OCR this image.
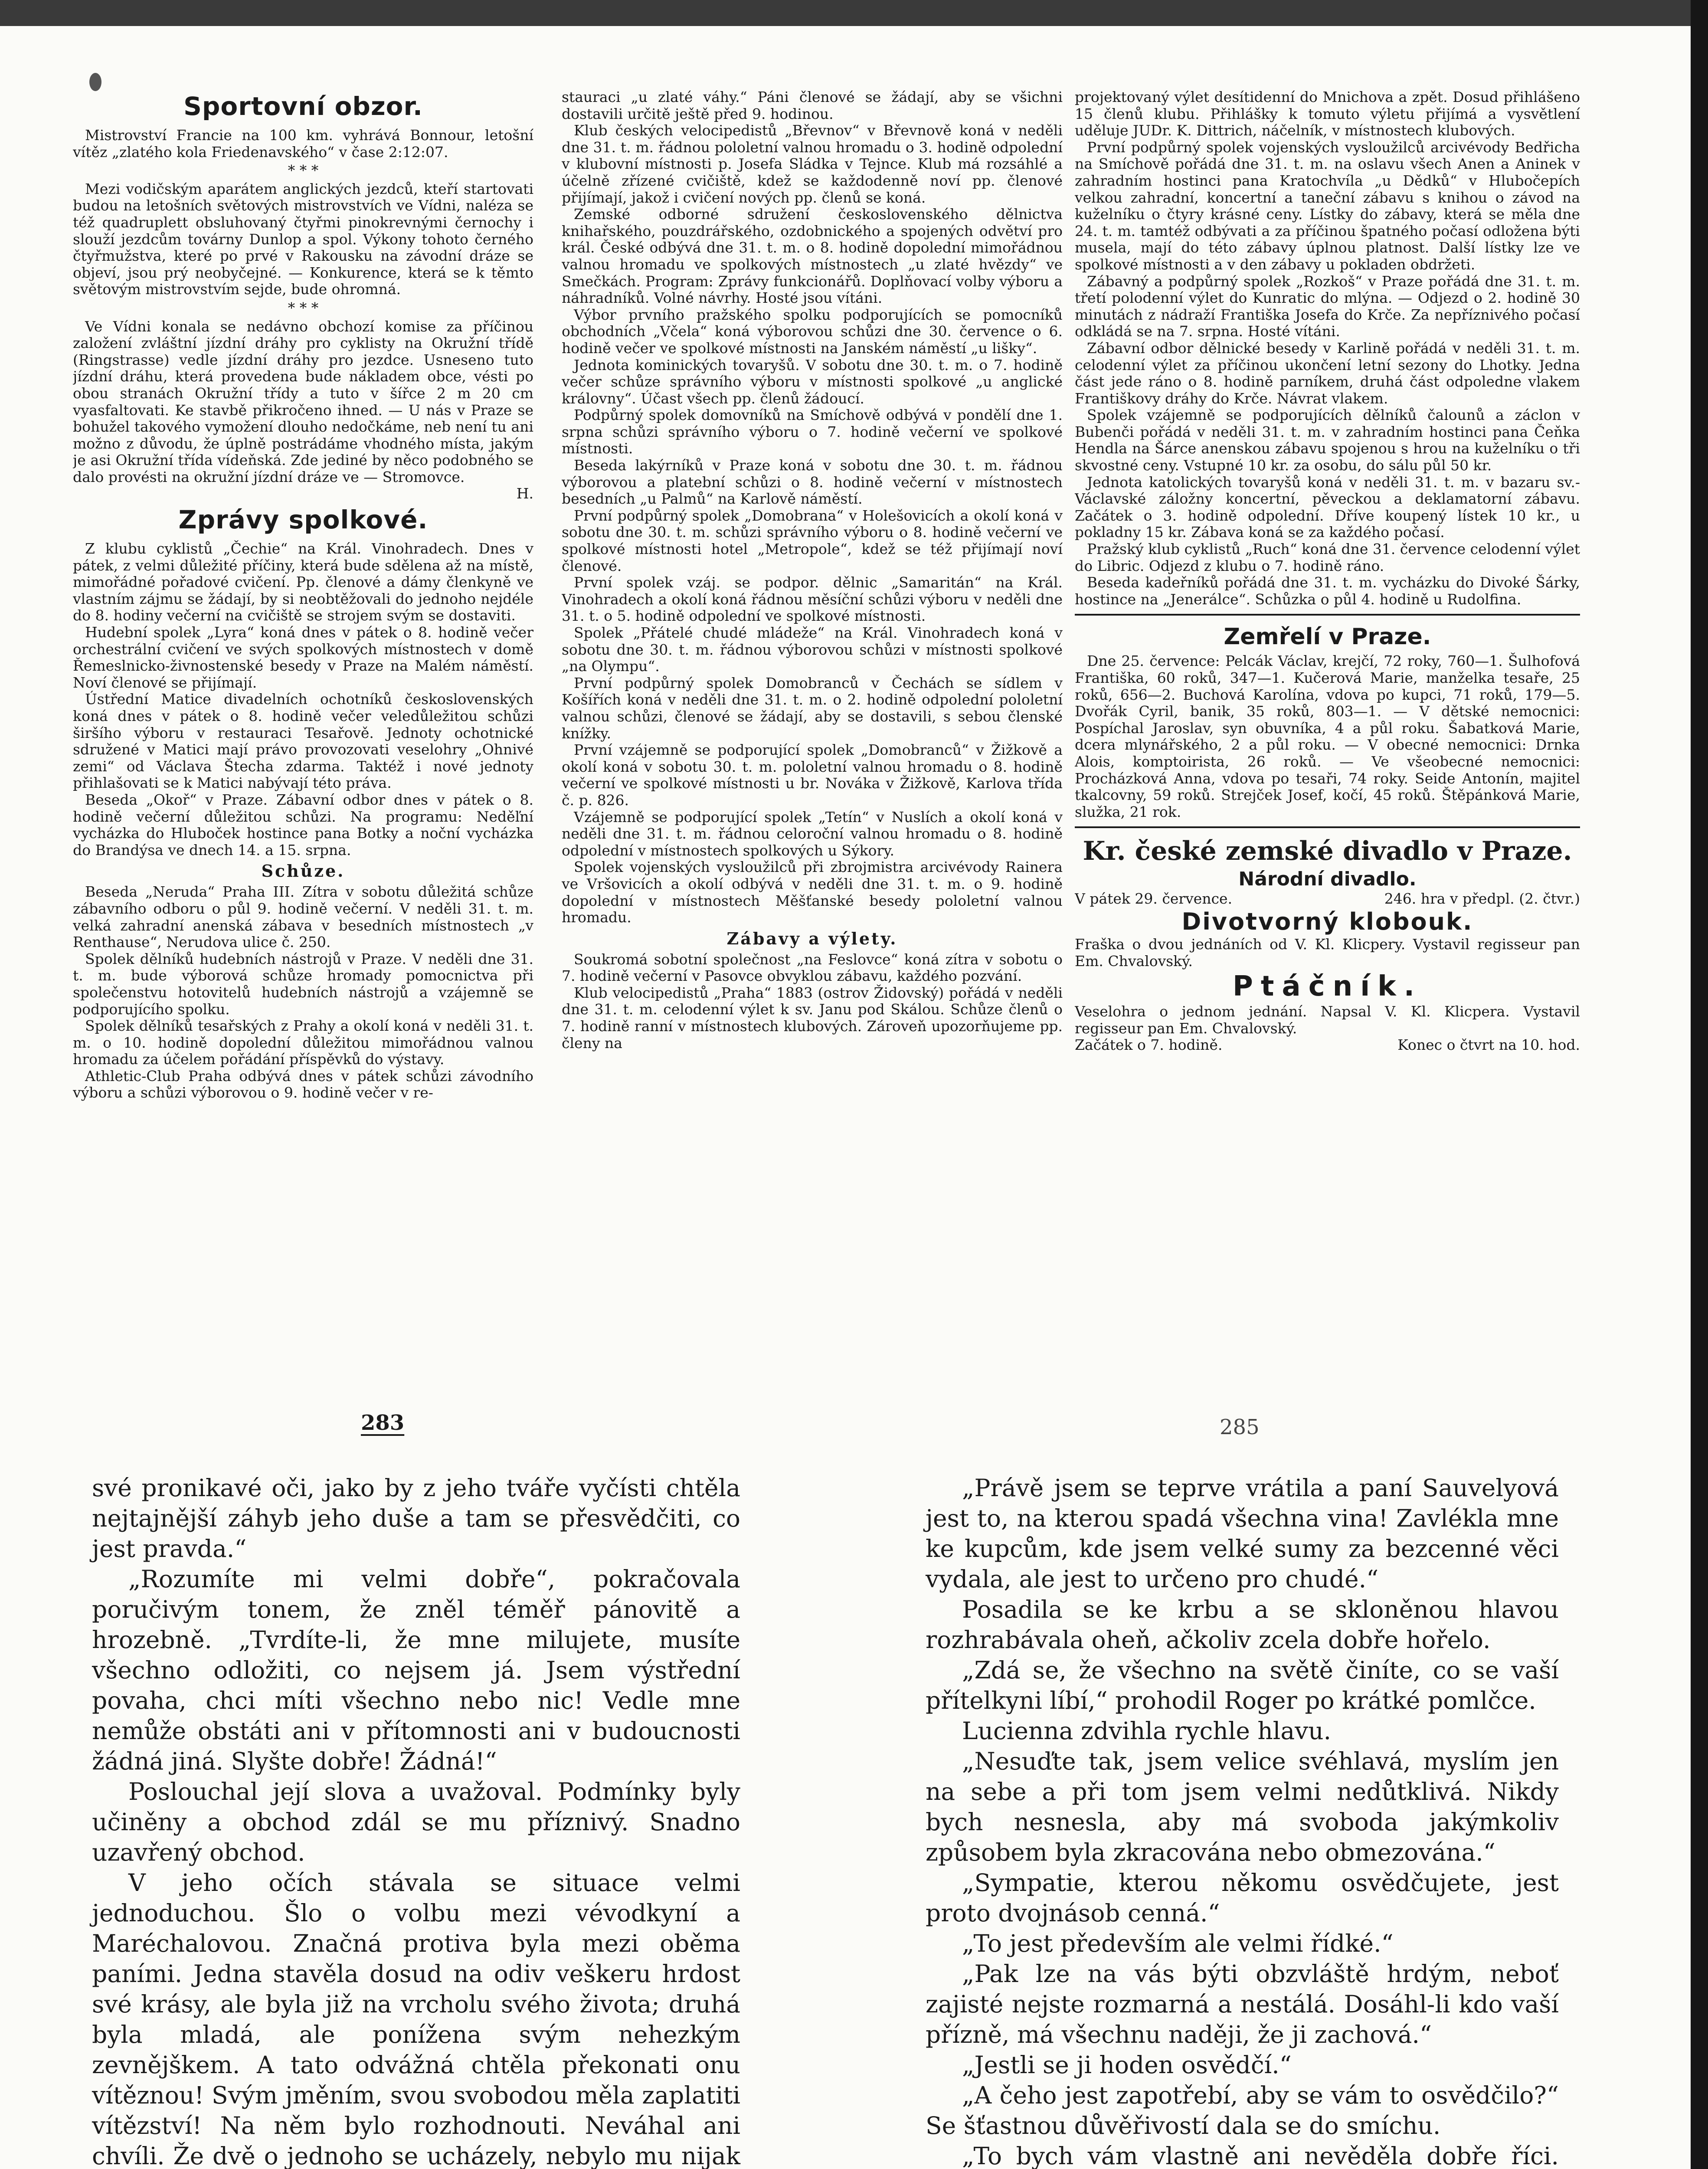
Sportovní obzor.

Mistrovství Francie na 100 km. vyhrává Bonnour, letošní vítěz „zlatého kola Friedenavského“ v čase 2:12:07.

* * *

Mezi vodičským aparátem anglických jezdců, kteří startovati budou na letošních světových mistrovstvích ve Vídni, naléza se též quadruplett obsluhovaný čtyřmi pinokrevnými černochy i slouží jezdcům továrny Dunlop a spol. Výkony tohoto černého čtyřmužstva, které po prvé v Rakousku na závodní dráze se objeví, jsou prý neobyčejné. — Konkurence, která se k těmto světovým mistrovstvím sejde, bude ohromná.

* * *

Ve Vídni konala se nedávno obchozí komise za příčinou založení zvláštní jízdní dráhy pro cyklisty na Okružní třídě (Ringstrasse) vedle jízdní dráhy pro jezdce. Usneseno tuto jízdní dráhu, která provedena bude nákladem obce, vésti po obou stranách Okružní třídy a tuto v šířce 2 m 20 cm vyasfaltovati. Ke stavbě přikročeno ihned. — U nás v Praze se bohužel takového vymožení dlouho nedočkáme, neb není tu ani možno z důvodu, že úplně postrádáme vhodného místa, jakým je asi Okružní třída vídeňská. Zde jediné by něco podobného se dalo provésti na okružní jízdní dráze ve — Stromovce.

H.
Zprávy spolkové.

Z klubu cyklistů „Čechie“ na Král. Vinohradech. Dnes v pátek, z velmi důležité příčiny, která bude sdělena až na místě, mimořádné pořadové cvičení. Pp. členové a dámy členkyně ve vlastním zájmu se žádají, by si neobtěžovali do jednoho nejdéle do 8. hodiny večerní na cvičiště se strojem svým se dostaviti.

Hudební spolek „Lyra“ koná dnes v pátek o 8. hodině večer orchestrální cvičení ve svých spolkových místnostech v domě Řemeslnicko-živnostenské besedy v Praze na Malém náměstí. Noví členové se přijímají.

Ústřední Matice divadelních ochotníků československých koná dnes v pátek o 8. hodině večer veledůležitou schůzi širšího výboru v restauraci Tesařově. Jednoty ochotnické sdružené v Matici mají právo provozovati veselohry „Ohnivé zemi“ od Václava Štecha zdarma. Taktéž i nové jednoty přihlašovati se k Matici nabývají této práva.

Beseda „Okoř“ v Praze. Zábavní odbor dnes v pátek o 8. hodině večerní důležitou schůzi. Na programu: Neděľní vycházka do Hluboček hostince pana Botky a noční vycházka do Brandýsa ve dnech 14. a 15. srpna.

Schůze.

Beseda „Neruda“ Praha III. Zítra v sobotu důležitá schůze zábavního odboru o půl 9. hodině večerní. V neděli 31. t. m. velká zahradní anenská zábava v besedních místnostech „v Renthause“, Nerudova ulice č. 250.

Spolek dělníků hudebních nástrojů v Praze. V neděli dne 31. t. m. bude výborová schůze hromady pomocnictva při společenstvu hotovitelů hudebních nástrojů a vzájemně se podporujícího spolku.

Spolek dělníků tesařských z Prahy a okolí koná v neděli 31. t. m. o 10. hodině dopolední důležitou mimořádnou valnou hromadu za účelem pořádání příspěvků do výstavy.

Athletic-Club Praha odbývá dnes v pátek schůzi závodního výboru a schůzi výborovou o 9. hodině večer v re-

stauraci „u zlaté váhy.“ Páni členové se žádají, aby se všichni dostavili určitě ještě před 9. hodinou.

Klub českých velocipedistů „Břevnov“ v Břevnově koná v neděli dne 31. t. m. řádnou pololetní valnou hromadu o 3. hodině odpolední v klubovní místnosti p. Josefa Sládka v Tejnce. Klub má rozsáhlé a účelně zřízené cvičiště, kdež se každodenně noví pp. členové přijímají, jakož i cvičení nových pp. členů se koná.

Zemské odborné sdružení československého dělnictva knihařského, pouzdrářského, ozdobnického a spojených odvětví pro král. České odbývá dne 31. t. m. o 8. hodině dopolední mimořádnou valnou hromadu ve spolkových místnostech „u zlaté hvězdy“ ve Smečkách. Program: Zprávy funkcionářů. Doplňovací volby výboru a náhradníků. Volné návrhy. Hosté jsou vítáni.

Výbor prvního pražského spolku podporujících se pomocníků obchodních „Včela“ koná výborovou schůzi dne 30. července o 6. hodině večer ve spolkové místnosti na Janském náměstí „u lišky“.

Jednota kominických tovaryšů. V sobotu dne 30. t. m. o 7. hodině večer schůze správního výboru v místnosti spolkové „u anglické královny“. Účast všech pp. členů žádoucí.

Podpůrný spolek domovníků na Smíchově odbývá v pondělí dne 1. srpna schůzi správního výboru o 7. hodině večerní ve spolkové místnosti.

Beseda lakýrníků v Praze koná v sobotu dne 30. t. m. řádnou výborovou a platební schůzi o 8. hodině večerní v místnostech besedních „u Palmů“ na Karlově náměstí.

První podpůrný spolek „Domobrana“ v Holešovicích a okolí koná v sobotu dne 30. t. m. schůzi správního výboru o 8. hodině večerní ve spolkové místnosti hotel „Metropole“, kdež se též přijímají noví členové.

První spolek vzáj. se podpor. dělnic „Samaritán“ na Král. Vinohradech a okolí koná řádnou měsíční schůzi výboru v neděli dne 31. t. o 5. hodině odpolední ve spolkové místnosti.

Spolek „Přátelé chudé mládeže“ na Král. Vinohradech koná v sobotu dne 30. t. m. řádnou výborovou schůzi v místnosti spolkové „na Olympu“.

První podpůrný spolek Domobranců v Čechách se sídlem v Košířích koná v neděli dne 31. t. m. o 2. hodině odpolední pololetní valnou schůzi, členové se žádají, aby se dostavili, s sebou členské knížky.

První vzájemně se podporující spolek „Domobranců“ v Žižkově a okolí koná v sobotu 30. t. m. pololetní valnou hromadu o 8. hodině večerní ve spolkové místnosti u br. Nováka v Žižkově, Karlova třída č. p. 826.

Vzájemně se podporující spolek „Tetín“ v Nuslích a okolí koná v neděli dne 31. t. m. řádnou celoroční valnou hromadu o 8. hodině odpolední v místnostech spolkových u Sýkory.

Spolek vojenských vysloužilců při zbrojmistra arcivévody Rainera ve Vršovicích a okolí odbývá v neděli dne 31. t. m. o 9. hodině dopolední v místnostech Měšťanské besedy pololetní valnou hromadu.

Zábavy a výlety.

Soukromá sobotní společnost „na Feslovce“ koná zítra v sobotu o 7. hodině večerní v Pasovce obvyklou zábavu, každého pozvání.

Klub velocipedistů „Praha“ 1883 (ostrov Židovský) pořádá v neděli dne 31. t. m. celodenní výlet k sv. Janu pod Skálou. Schůze členů o 7. hodině ranní v místnostech klubových. Zároveň upozorňujeme pp. členy na

projektovaný výlet desítidenní do Mnichova a zpět. Dosud přihlášeno 15 členů klubu. Přihlášky k tomuto výletu přijímá a vysvětlení uděluje JUDr. K. Dittrich, náčelník, v místnostech klubových.

První podpůrný spolek vojenských vysloužilců arcivévody Bedřicha na Smíchově pořádá dne 31. t. m. na oslavu všech Anen a Aninek v zahradním hostinci pana Kratochvíla „u Dědků“ v Hlubočepích velkou zahradní, koncertní a taneční zábavu s knihou o závod na kuželníku o čtyry krásné ceny. Lístky do zábavy, která se měla dne 24. t. m. tamtéž odbývati a za příčinou špatného počasí odložena býti musela, mají do této zábavy úplnou platnost. Další lístky lze ve spolkové místnosti a v den zábavy u pokladen obdržeti.

Zábavný a podpůrný spolek „Rozkoš“ v Praze pořádá dne 31. t. m. třetí polodenní výlet do Kunratic do mlýna. — Odjezd o 2. hodině 30 minutách z nádraží Františka Josefa do Krče. Za nepříznivého počasí odkládá se na 7. srpna. Hosté vítáni.

Zábavní odbor dělnické besedy v Karlině pořádá v neděli 31. t. m. celodenní výlet za příčinou ukončení letní sezony do Lhotky. Jedna část jede ráno o 8. hodině parníkem, druhá část odpoledne vlakem Františkovy dráhy do Krče. Návrat vlakem.

Spolek vzájemně se podporujících dělníků čalounů a záclon v Bubenči pořádá v neděli 31. t. m. v zahradním hostinci pana Čeňka Hendla na Šárce anenskou zábavu spojenou s hrou na kuželníku o tři skvostné ceny. Vstupné 10 kr. za osobu, do sálu půl 50 kr.

Jednota katolických tovaryšů koná v neděli 31. t. m. v bazaru sv.-Václavské záložny koncertní, pěveckou a deklamatorní zábavu. Začátek o 3. hodině odpolední. Dříve koupený lístek 10 kr., u pokladny 15 kr. Zábava koná se za každého počasí.

Pražský klub cyklistů „Ruch“ koná dne 31. července celodenní výlet do Libric. Odjezd z klubu o 7. hodině ráno.

Beseda kadeřníků pořádá dne 31. t. m. vycházku do Divoké Šárky, hostince na „Jenerálce“. Schůzka o půl 4. hodině u Rudolfina.

Zemřelí v Praze.

Dne 25. července: Pelcák Václav, krejčí, 72 roky, 760—1. Šulhofová Františka, 60 roků, 347—1. Kučerová Marie, manželka tesaře, 25 roků, 656—2. Buchová Karolína, vdova po kupci, 71 roků, 179—5. Dvořák Cyril, banik, 35 roků, 803—1. — V dětské nemocnici: Pospíchal Jaroslav, syn obuvníka, 4 a půl roku. Šabatková Marie, dcera mlynářského, 2 a půl roku. — V obecné nemocnici: Drnka Alois, komptoirista, 26 roků. — Ve všeobecné nemocnici: Procházková Anna, vdova po tesaři, 74 roky. Seide Antonín, majitel tkalcovny, 59 roků. Strejček Josef, kočí, 45 roků. Štěpánková Marie, služka, 21 rok.

Kr. české zemské divadlo v Praze.
Národní divadlo.
V pátek 29. července.	246. hra v předpl. (2. čtvr.)
Divotvorný klobouk.

Fraška o dvou jednáních od V. Kl. Klicpery. Vystavil regisseur pan Em. Chvalovský.

Ptáčník.

Veselohra o jednom jednání. Napsal V. Kl. Klicpera. Vystavil regisseur pan Em. Chvalovský.

Začátek o 7. hodině.	Konec o čtvrt na 10. hod.
283	285

své pronikavé oči, jako by z jeho tváře vyčísti chtěla nejtajnější záhyb jeho duše a tam se přesvědčiti, co jest pravda.“

„Rozumíte mi velmi dobře“, pokračovala poručivým tonem, že zněl téměř pánovitě a hrozebně. „Tvrdíte-li, že mne milujete, musíte všechno odložiti, co nejsem já. Jsem výstřední povaha, chci míti všechno nebo nic! Vedle mne nemůže obstáti ani v přítomnosti ani v budoucnosti žádná jiná. Slyšte dobře! Žádná!“

Poslouchal její slova a uvažoval. Podmínky byly učiněny a obchod zdál se mu příznivý. Snadno uzavřený obchod.

V jeho očích stávala se situace velmi jednoduchou. Šlo o volbu mezi vévodkyní a Maréchalovou. Značná protiva byla mezi oběma paními. Jedna stavěla dosud na odiv veškeru hrdost své krásy, ale byla již na vrcholu svého života; druhá byla mladá, ale ponížena svým nehezkým zevnějškem. A tato odvážná chtěla překonati onu vítěznou! Svým jměním, svou svobodou měla zaplatiti vítězství! Na něm bylo rozhodnouti. Neváhal ani chvíli. Že dvě o jednoho se ucházely, nebylo mu nijak

„Právě jsem se teprve vrátila a paní Sauvelyová jest to, na kterou spadá všechna vina! Zavlékla mne ke kupcům, kde jsem velké sumy za bezcenné věci vydala, ale jest to určeno pro chudé.“

Posadila se ke krbu a se skloněnou hlavou rozhrabávala oheň, ačkoliv zcela dobře hořelo.

„Zdá se, že všechno na světě činíte, co se vaší přítelkyni líbí,“ prohodil Roger po krátké pomlčce.

Lucienna zdvihla rychle hlavu.

„Nesuďte tak, jsem velice svéhlavá, myslím jen na sebe a při tom jsem velmi nedůtklivá. Nikdy bych nesnesla, aby má svoboda jakýmkoliv způsobem byla zkracována nebo obmezována.“

„Sympatie, kterou někomu osvědčujete, jest proto dvojnásob cenná.“

„To jest především ale velmi řídké.“

„Pak lze na vás býti obzvláště hrdým, neboť zajisté nejste rozmarná a nestálá. Dosáhl-li kdo vaší přízně, má všechnu naději, že ji zachová.“

„Jestli se ji hoden osvědčí.“

„A čeho jest zapotřebí, aby se vám to osvědčilo?“ Se šťastnou důvěřivostí dala se do smíchu.

„To bych vám vlastně ani nevěděla dobře říci.
